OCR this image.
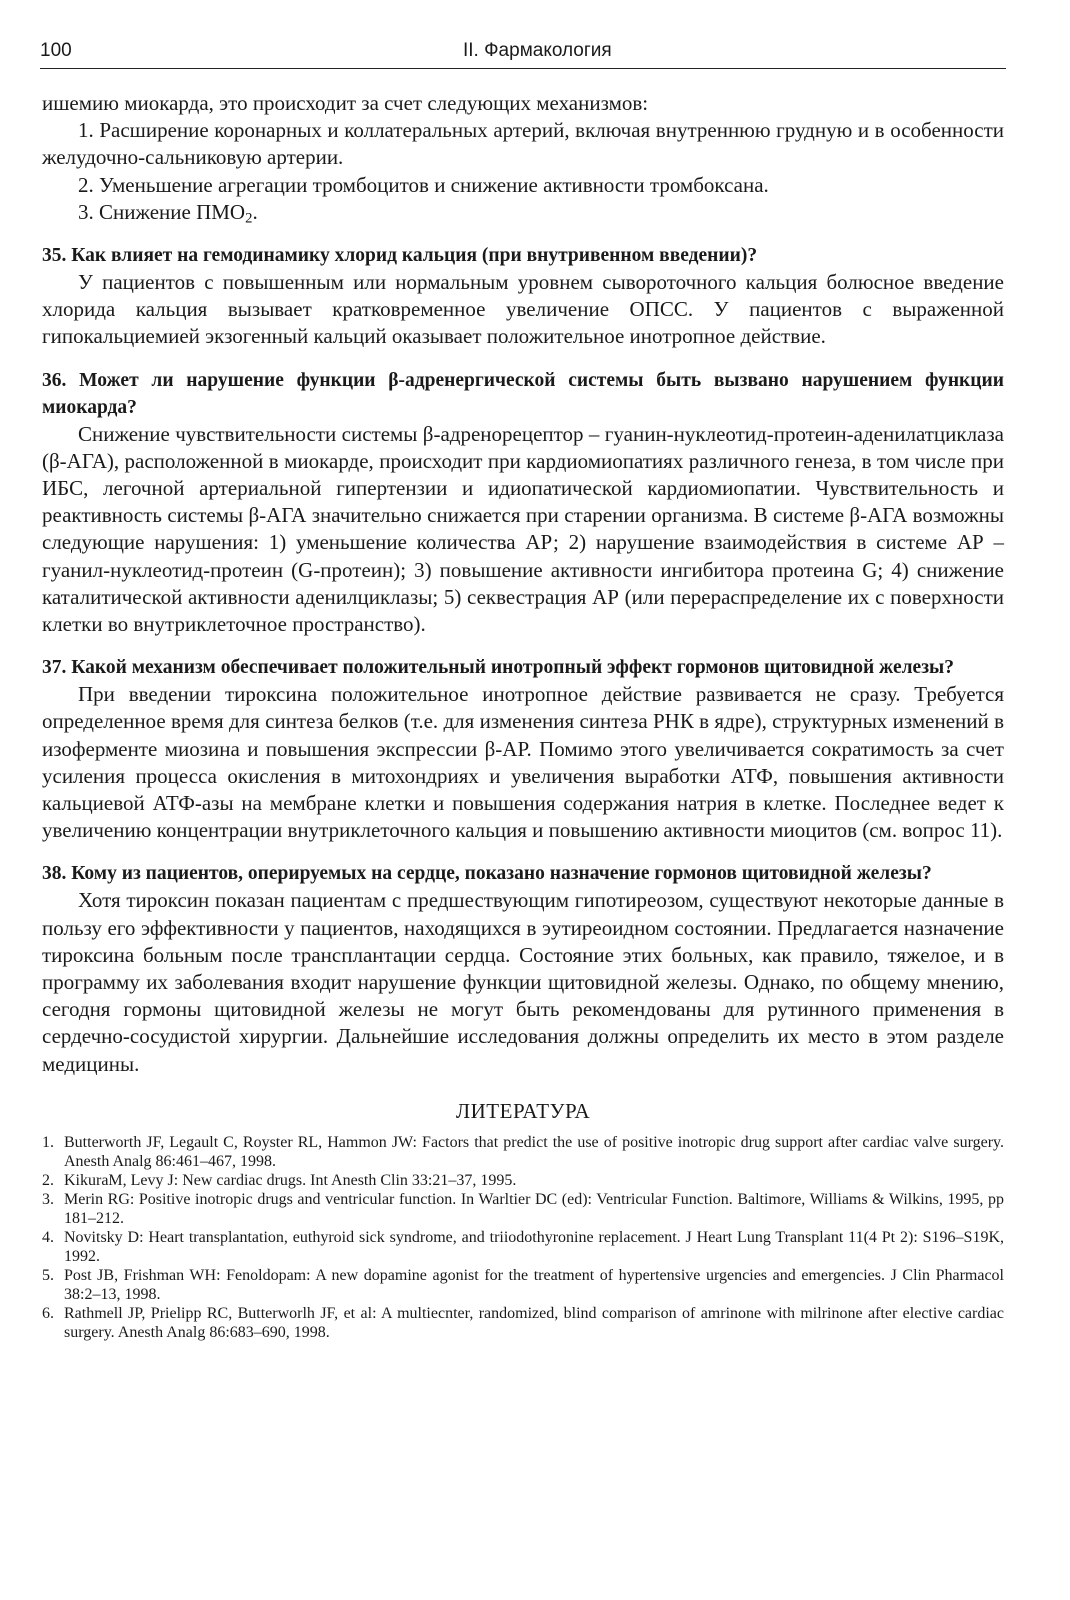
100	II. Фармакология

ишемию миокарда, это происходит за счет следующих механизмов:

1. Расширение коронарных и коллатеральных артерий, включая внутреннюю грудную и в особенности желудочно-сальниковую артерии.

2. Уменьшение агрегации тромбоцитов и снижение активности тромбоксана.

3. Снижение $ПМО_2$.

35. Как влияет на гемодинамику хлорид кальция (при внутривенном введении)?

У пациентов с повышенным или нормальным уровнем сывороточного кальция болюсное введение хлорида кальция вызывает кратковременное увеличение ОПСС. У пациентов с выраженной гипокальциемией экзогенный кальций оказывает положительное инотропное действие.

36. Может ли нарушение функции β-адренергической системы быть вызвано нарушением функции миокарда?

Снижение чувствительности системы β-адренорецептор – гуанин-нуклеотид-протеин-аденилатциклаза (β-АГА), расположенной в миокарде, происходит при кардиомиопатиях различного генеза, в том числе при ИБС, легочной артериальной гипертензии и идиопатической кардиомиопатии. Чувствительность и реактивность системы β-АГА значительно снижается при старении организма. В системе β-АГА возможны следующие нарушения: 1) уменьшение количества АР; 2) нарушение взаимодействия в системе АР – гуанил-нуклеотид-протеин (G-протеин); 3) повышение активности ингибитора протеина G; 4) снижение каталитической активности аденилциклазы; 5) секвестрация АР (или перераспределение их с поверхности клетки во внутриклеточное пространство).

37. Какой механизм обеспечивает положительный инотропный эффект гормонов щитовидной железы?

При введении тироксина положительное инотропное действие развивается не сразу. Требуется определенное время для синтеза белков (т.е. для изменения синтеза РНК в ядре), структурных изменений в изоферменте миозина и повышения экспрессии β-АР. Помимо этого увеличивается сократимость за счет усиления процесса окисления в митохондриях и увеличения выработки АТФ, повышения активности кальциевой АТФ-азы на мембране клетки и повышения содержания натрия в клетке. Последнее ведет к увеличению концентрации внутриклеточного кальция и повышению активности миоцитов (см. вопрос 11).

38. Кому из пациентов, оперируемых на сердце, показано назначение гормонов щитовидной железы?

Хотя тироксин показан пациентам с предшествующим гипотиреозом, существуют некоторые данные в пользу его эффективности у пациентов, находящихся в эутиреоидном состоянии. Предлагается назначение тироксина больным после трансплантации сердца. Состояние этих больных, как правило, тяжелое, и в программу их заболевания входит нарушение функции щитовидной железы. Однако, по общему мнению, сегодня гормоны щитовидной железы не могут быть рекомендованы для рутинного применения в сердечно-сосудистой хирургии. Дальнейшие исследования должны определить их место в этом разделе медицины.

ЛИТЕРАТУРА

1. Butterworth JF, Legault C, Royster RL, Hammon JW: Factors that predict the use of positive inotropic drug support after cardiac valve surgery. Anesth Analg 86:461–467, 1998.
2. KikuraM, Levy J: New cardiac drugs. Int Anesth Clin 33:21–37, 1995.
3. Merin RG: Positive inotropic drugs and ventricular function. In Warltier DC (ed): Ventricular Function. Baltimore, Williams & Wilkins, 1995, pp 181–212.
4. Novitsky D: Heart transplantation, euthyroid sick syndrome, and triiodothyronine replacement. J Heart Lung Transplant 11(4 Pt 2): S196–S19K, 1992.
5. Post JB, Frishman WH: Fenoldopam: A new dopamine agonist for the treatment of hypertensive urgencies and emergencies. J Clin Pharmacol 38:2–13, 1998.
6. Rathmell JP, Prielipp RC, Butterworlh JF, et al: A multiecnter, randomized, blind comparison of amrinone with milrinone after elective cardiac surgery. Anesth Analg 86:683–690, 1998.
